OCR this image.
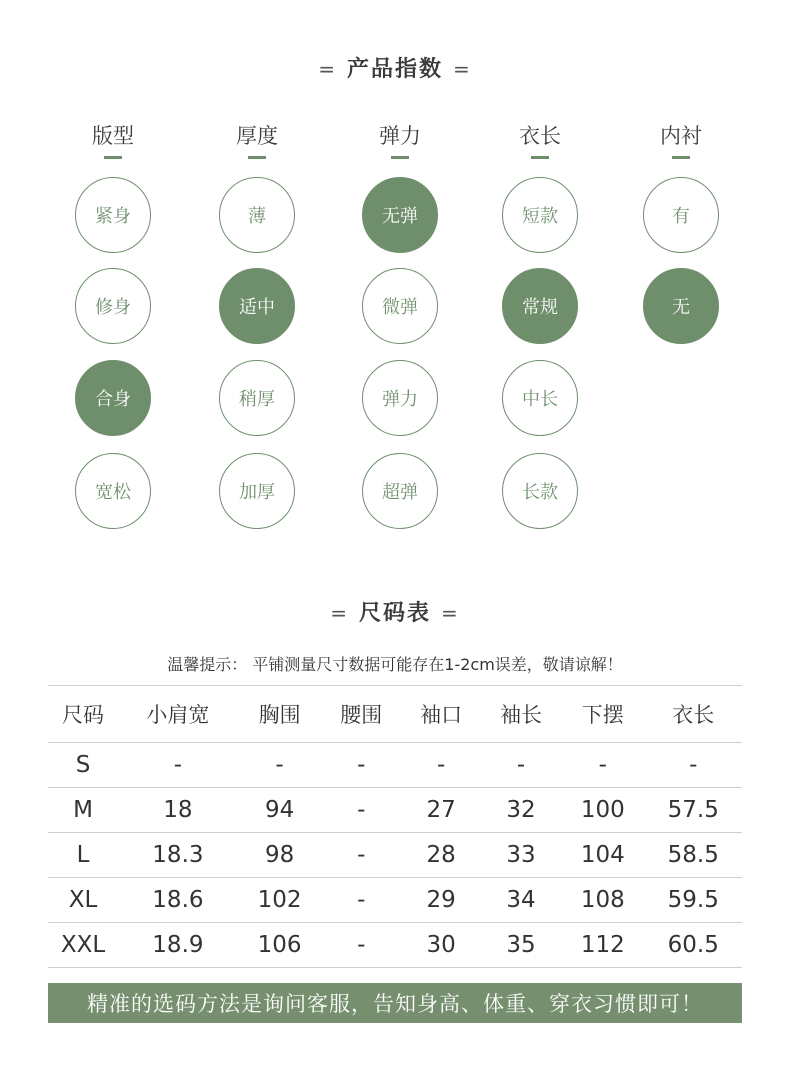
= 产品指数 =
版型	厚度	弹力	衣长	内衬
紧身
修身
合身
宽松
薄
适中
稍厚
加厚
无弹
微弹
弹力
超弹
短款
常规
中长
长款
有
无
= 尺码表 =
温馨提示： 平铺测量尺寸数据可能存在1-2cm误差，敬请谅解！
尺码	小肩宽	胸围	腰围	袖口	袖长	下摆	衣长
S	-	-	-	-	-	-	-
M	18	94	-	27	32	100	57.5
L	18.3	98	-	28	33	104	58.5
XL	18.6	102	-	29	34	108	59.5
XXL	18.9	106	-	30	35	112	60.5
精准的选码方法是询问客服，告知身高、体重、穿衣习惯即可！
